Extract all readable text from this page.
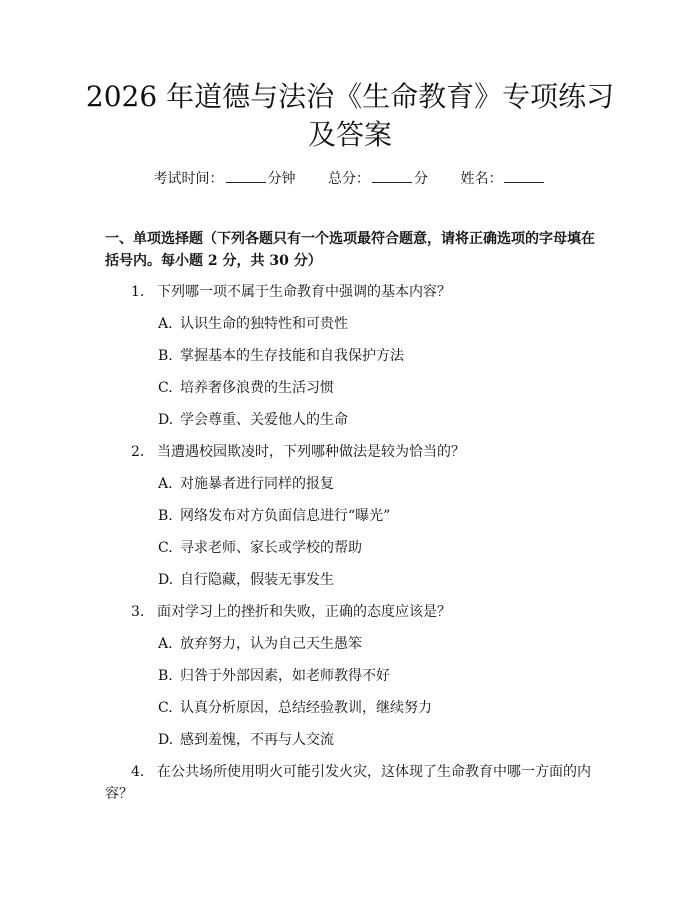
2026 年道德与法治《生命教育》专项练习及答案
考试时间：	分钟 总分：	分 姓名：
一、单项选择题（下列各题只有一个选项最符合题意，请将正确选项的字母填在括号内。每小题 2 分，共 30 分）
1. 下列哪一项不属于生命教育中强调的基本内容？
A. 认识生命的独特性和可贵性
B. 掌握基本的生存技能和自我保护方法
C. 培养奢侈浪费的生活习惯
D. 学会尊重、关爱他人的生命
2. 当遭遇校园欺凌时，下列哪种做法是较为恰当的？
A. 对施暴者进行同样的报复
B. 网络发布对方负面信息进行“曝光”
C. 寻求老师、家长或学校的帮助
D. 自行隐藏，假装无事发生
3. 面对学习上的挫折和失败，正确的态度应该是？
A. 放弃努力，认为自己天生愚笨
B. 归咎于外部因素，如老师教得不好
C. 认真分析原因，总结经验教训，继续努力
D. 感到羞愧，不再与人交流
4. 在公共场所使用明火可能引发火灾，这体现了生命教育中哪一方面的内容？
